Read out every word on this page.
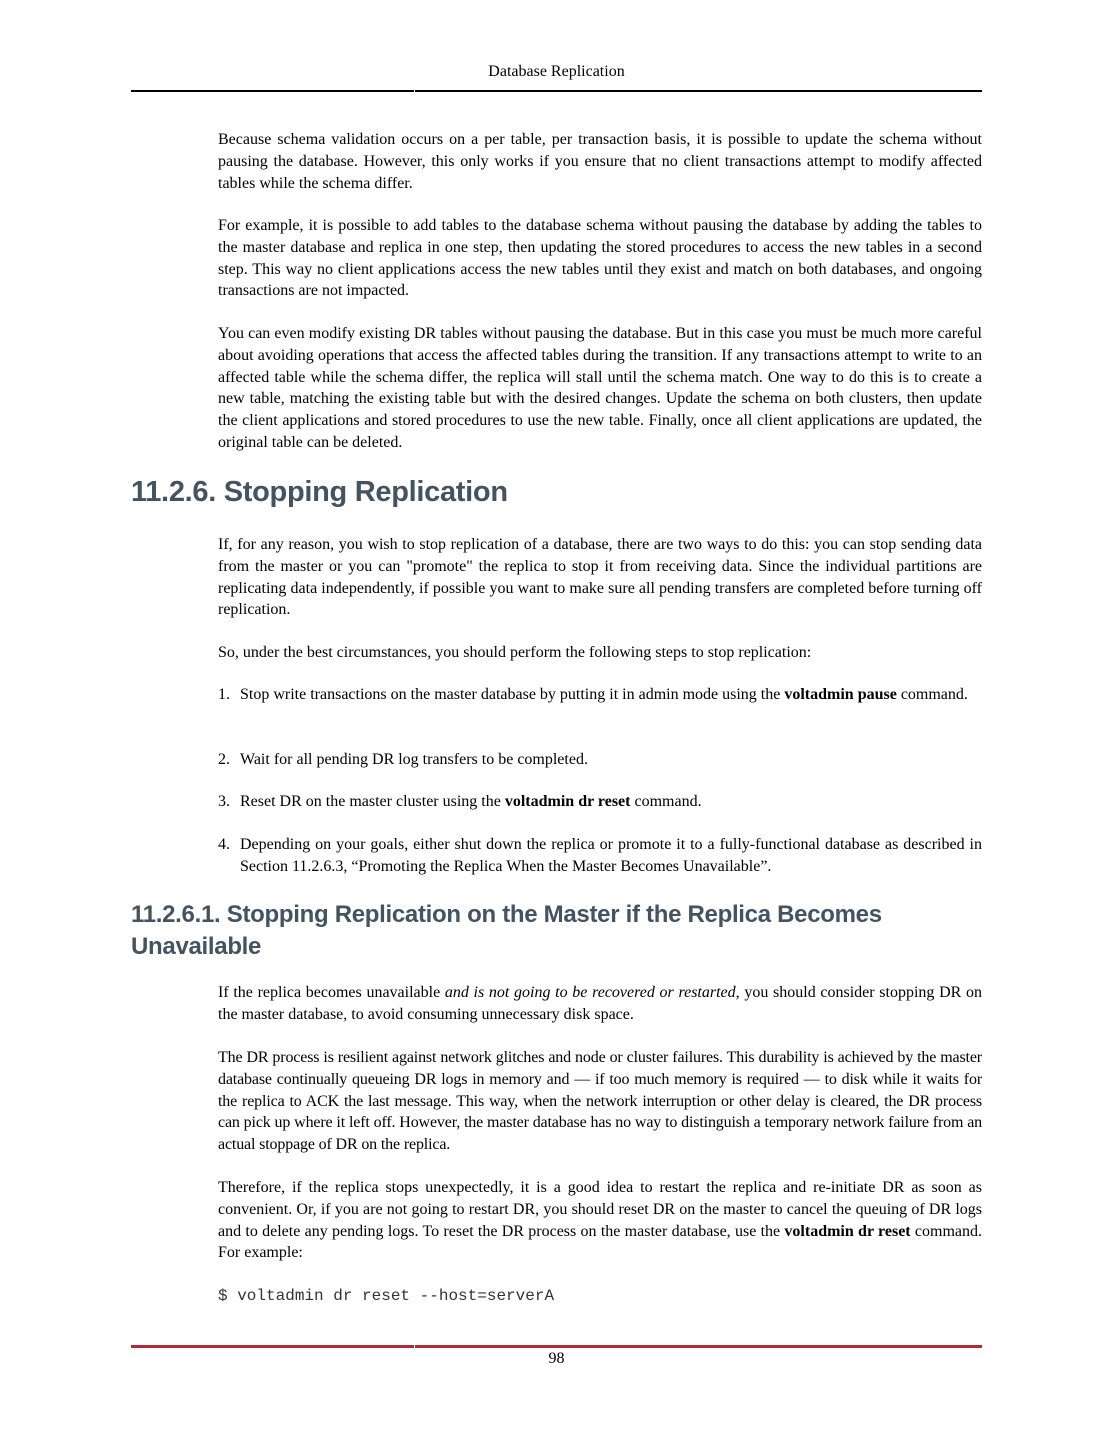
Database Replication

Because schema validation occurs on a per table, per transaction basis, it is possible to update the schema without pausing the database. However, this only works if you ensure that no client transactions attempt to modify affected tables while the schema differ.

For example, it is possible to add tables to the database schema without pausing the database by adding the tables to the master database and replica in one step, then updating the stored procedures to access the new tables in a second step. This way no client applications access the new tables until they exist and match on both databases, and ongoing transactions are not impacted.

You can even modify existing DR tables without pausing the database. But in this case you must be much more careful about avoiding operations that access the affected tables during the transition. If any transactions attempt to write to an affected table while the schema differ, the replica will stall until the schema match. One way to do this is to create a new table, matching the existing table but with the desired changes. Update the schema on both clusters, then update the client applications and stored procedures to use the new table. Finally, once all client applications are updated, the original table can be deleted.

11.2.6. Stopping Replication

If, for any reason, you wish to stop replication of a database, there are two ways to do this: you can stop sending data from the master or you can "promote" the replica to stop it from receiving data. Since the individual partitions are replicating data independently, if possible you want to make sure all pending transfers are completed before turning off replication.

So, under the best circumstances, you should perform the following steps to stop replication:

1. Stop write transactions on the master database by putting it in admin mode using the voltadmin pause command.
2. Wait for all pending DR log transfers to be completed.
3. Reset DR on the master cluster using the voltadmin dr reset command.
4. Depending on your goals, either shut down the replica or promote it to a fully-functional database as described in Section 11.2.6.3, “Promoting the Replica When the Master Becomes Unavailable”.
11.2.6.1. Stopping Replication on the Master if the Replica Becomes Unavailable

If the replica becomes unavailable and is not going to be recovered or restarted, you should consider stopping DR on the master database, to avoid consuming unnecessary disk space.

The DR process is resilient against network glitches and node or cluster failures. This durability is achieved by the master database continually queueing DR logs in memory and — if too much memory is required — to disk while it waits for the replica to ACK the last message. This way, when the network interruption or other delay is cleared, the DR process can pick up where it left off. However, the master database has no way to distinguish a temporary network failure from an actual stoppage of DR on the replica.

Therefore, if the replica stops unexpectedly, it is a good idea to restart the replica and re-initiate DR as soon as convenient. Or, if you are not going to restart DR, you should reset DR on the master to cancel the queuing of DR logs and to delete any pending logs. To reset the DR process on the master database, use the voltadmin dr reset command. For example:

$ voltadmin dr reset --host=serverA
98
